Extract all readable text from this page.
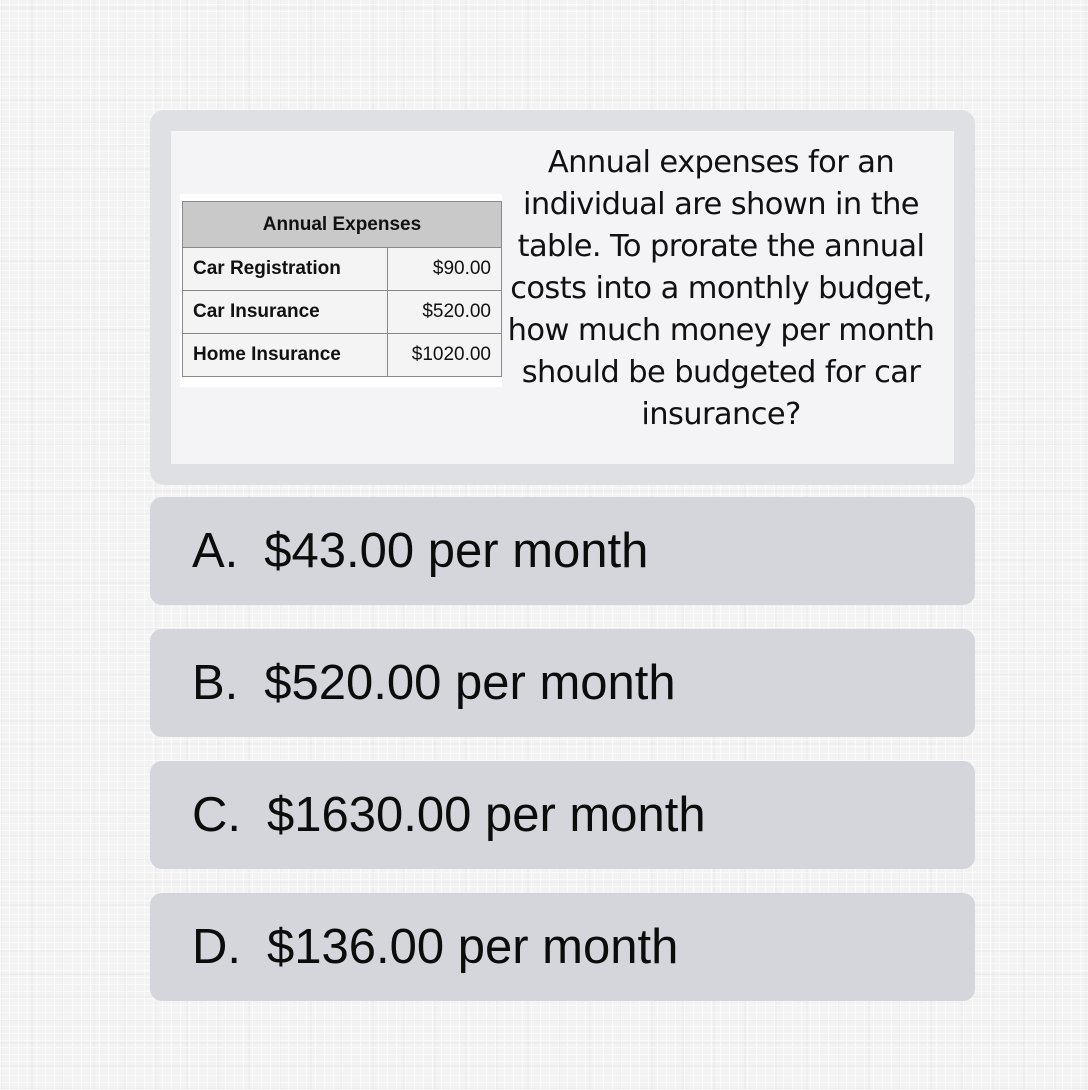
Annual Expenses	
Car Registration	$90.00
Car Insurance	$520.00
Home Insurance	$1020.00
Annual expenses for an individual are shown in the table. To prorate the annual costs into a monthly budget, how much money per month should be budgeted for car insurance?
A. $43.00 per month
B. $520.00 per month
C. $1630.00 per month
D. $136.00 per month
